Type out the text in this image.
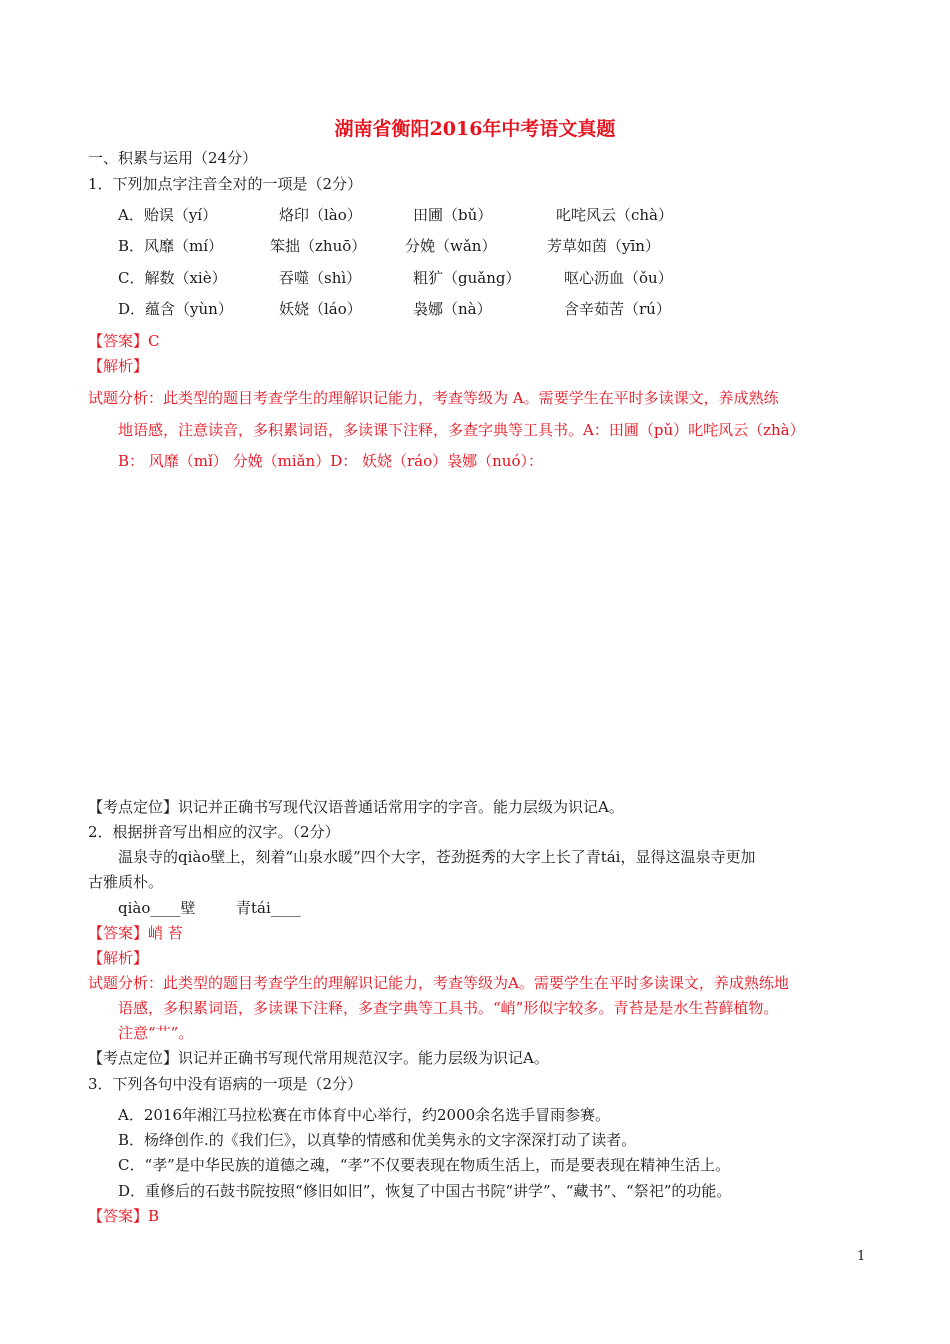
湖南省衡阳2016年中考语文真题
一、积累与运用（24分）
1．下列加点字注音全对的一项是（2分）
A．贻误（yí）	烙印（lào）	田圃（bǔ）	叱咤风云（chà）
B．风靡（mí）	笨拙（zhuō）	分娩（wǎn）	芳草如茵（yīn）
C．解数（xiè）	吞噬（shì）	粗犷（guǎng）	呕心沥血（ǒu）
D．蕴含（yùn）	妖娆（láo）	袅娜（nà）	含辛茹苦（rú）
【答案】C
【解析】
试题分析：此类型的题目考查学生的理解识记能力，考查等级为 A。需要学生在平时多读课文，养成熟练
地语感，注意读音，多积累词语，多读课下注释，多查字典等工具书。A：田圃（pǔ）叱咤风云（zhà）
B： 风靡（mǐ） 分娩（miǎn）D： 妖娆（ráo）袅娜（nuó）：
【考点定位】识记并正确书写现代汉语普通话常用字的字音。能力层级为识记A。
2．根据拼音写出相应的汉字。（2分）
温泉寺的qiào壁上，刻着“山泉水暖”四个大字，苍劲挺秀的大字上长了青tái，显得这温泉寺更加
古雅质朴。
qiào____壁	青tái____
【答案】峭 苔
【解析】
试题分析：此类型的题目考查学生的理解识记能力，考查等级为A。需要学生在平时多读课文，养成熟练地
语感，多积累词语，多读课下注释，多查字典等工具书。“峭”形似字较多。青苔是是水生苔藓植物。
注意“艹”。
【考点定位】识记并正确书写现代常用规范汉字。能力层级为识记A。
3．下列各句中没有语病的一项是（2分）
A．2016年湘江马拉松赛在市体育中心举行，约2000余名选手冒雨参赛。
B．杨绛创作.的《我们仨》，以真挚的情感和优美隽永的文字深深打动了读者。
C．“孝”是中华民族的道德之魂，“孝”不仅要表现在物质生活上，而是要表现在精神生活上。
D．重修后的石鼓书院按照“修旧如旧”，恢复了中国古书院“讲学”、“藏书”、“祭祀”的功能。
【答案】B
1
